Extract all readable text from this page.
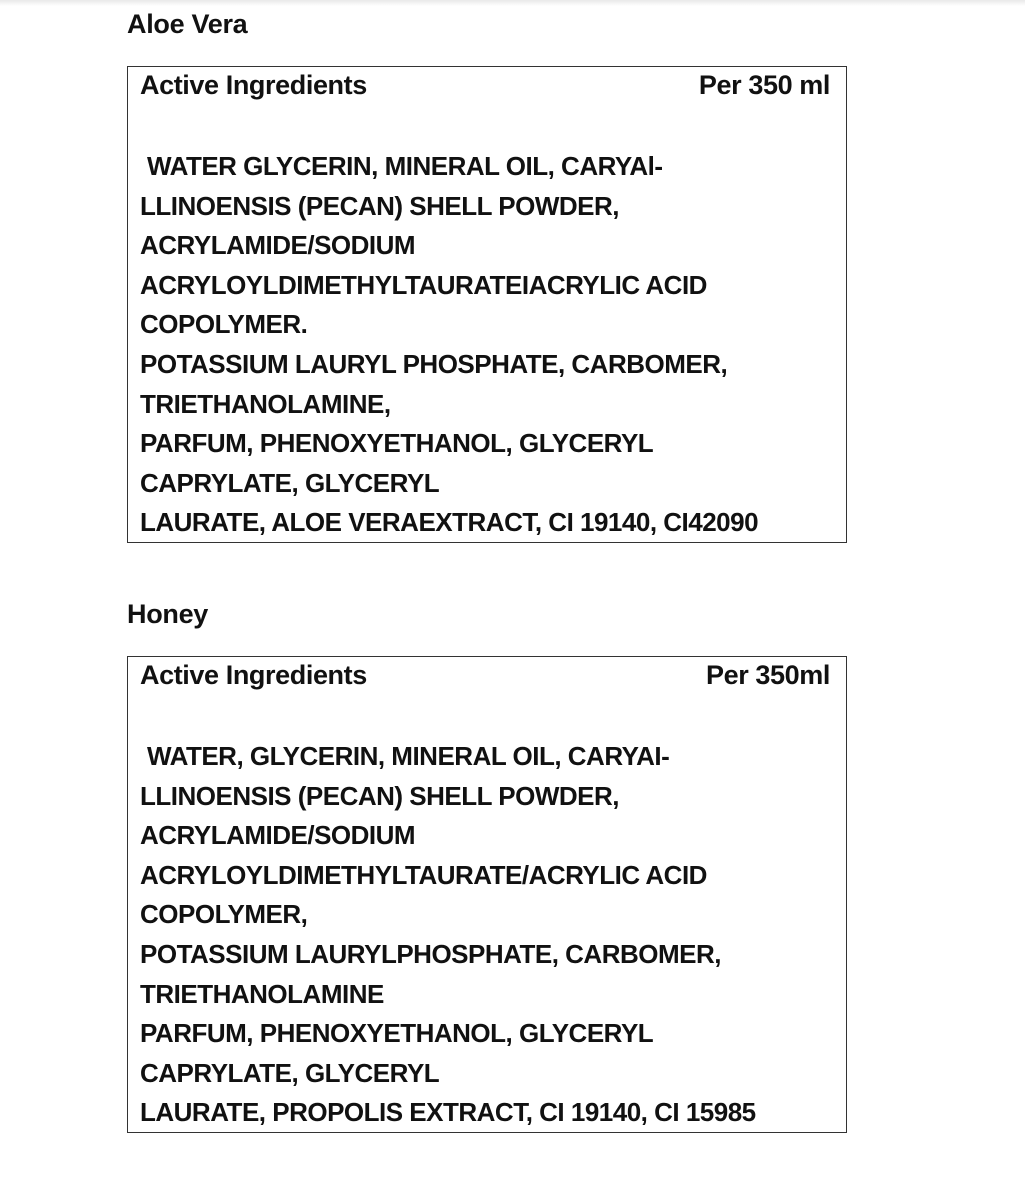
Aloe Vera
Active Ingredients	Per 350 ml
WATER GLYCERIN, MINERAL OIL, CARYAl-
LLINOENSIS (PECAN) SHELL POWDER,
ACRYLAMIDE/SODIUM
ACRYLOYLDIMETHYLTAURATEIACRYLIC ACID
COPOLYMER.
POTASSIUM LAURYL PHOSPHATE, CARBOMER,
TRIETHANOLAMINE,
PARFUM, PHENOXYETHANOL, GLYCERYL
CAPRYLATE, GLYCERYL
LAURATE, ALOE VERAEXTRACT, CI 19140, CI42090
Honey
Active Ingredients	Per 350ml
WATER, GLYCERIN, MINERAL OIL, CARYAI-
LLINOENSIS (PECAN) SHELL POWDER,
ACRYLAMIDE/SODIUM
ACRYLOYLDIMETHYLTAURATE/ACRYLIC ACID
COPOLYMER,
POTASSIUM LAURYLPHOSPHATE, CARBOMER,
TRIETHANOLAMINE
PARFUM, PHENOXYETHANOL, GLYCERYL
CAPRYLATE, GLYCERYL
LAURATE, PROPOLIS EXTRACT, CI 19140, CI 15985
